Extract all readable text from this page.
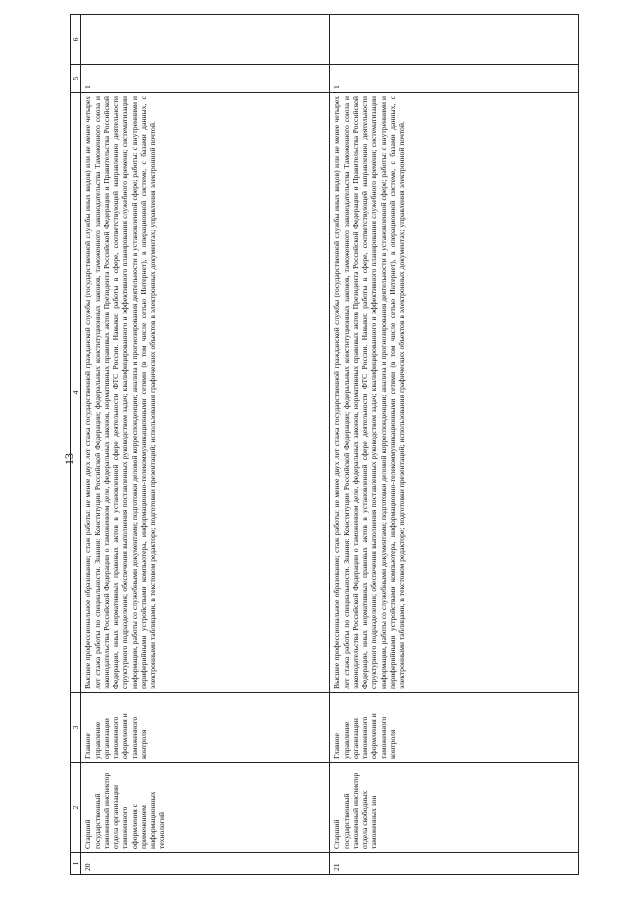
13
1	2	3	4	5	6
20	Старший государственный таможенный инспектор отдела организации таможенного оформления с применением информационных технологий	Главное управление организации таможенного оформления и таможенного контроля	Высшее профессиональное образование; стаж работы: не менее двух лет стажа государственной гражданской службы (государственной службы иных видов) или не менее четырех лет стажа работы по специальности. Знания: Конституции Российской Федерации; федеральных конституционных законов, таможенного законодательства Таможенного союза и законодательства Российской Федерации о таможенном деле, федеральных законов, нормативных правовых актов Президента Российской Федерации и Правительства Российской Федерации, иных нормативных правовых актов в установленной сфере деятельности ФТС России. Навыки: работы в сфере, соответствующей направлению деятельности структурного подразделения; обеспечения выполнения поставленных руководством задач; квалифицированного и эффективного планирования служебного времени; систематизации информации, работы со служебными документами; подготовки деловой корреспонденции; анализа и прогнозирования деятельности в установленной сфере; работы: с внутренними и периферийными устройствами компьютера, информационно-телекоммуникационными сетями (в том числе сетью Интернет), в операционной системе, с базами данных, с электронными таблицами, в текстовом редакторе; подготовки презентаций; использования графических объектов в электронных документах; управления электронной почтой.	1	
21	Старший государственный таможенный инспектор отдела свободных таможенных зон	Главное управление организации таможенного оформления и таможенного контроля	Высшее профессиональное образование; стаж работы: не менее двух лет стажа государственной гражданской службы (государственной службы иных видов) или не менее четырех лет стажа работы по специальности. Знания: Конституции Российской Федерации; федеральных конституционных законов, таможенного законодательства Таможенного союза и законодательства Российской Федерации о таможенном деле, федеральных законов, нормативных правовых актов Президента Российской Федерации и Правительства Российской Федерации, иных нормативных правовых актов в установленной сфере деятельности ФТС России. Навыки: работы в сфере, соответствующей направлению деятельности структурного подразделения; обеспечения выполнения поставленных руководством задач; квалифицированного и эффективного планирования служебного времени; систематизации информации, работы со служебными документами; подготовки деловой корреспонденции; анализа и прогнозирования деятельности в установленной сфере; работы: с внутренними и периферийными устройствами компьютера, информационно-телекоммуникационными сетями (в том числе сетью Интернет), в операционной системе, с базами данных, с электронными таблицами, в текстовом редакторе; подготовки презентаций; использования графических объектов в электронных документах; управления электронной почтой.	1	
